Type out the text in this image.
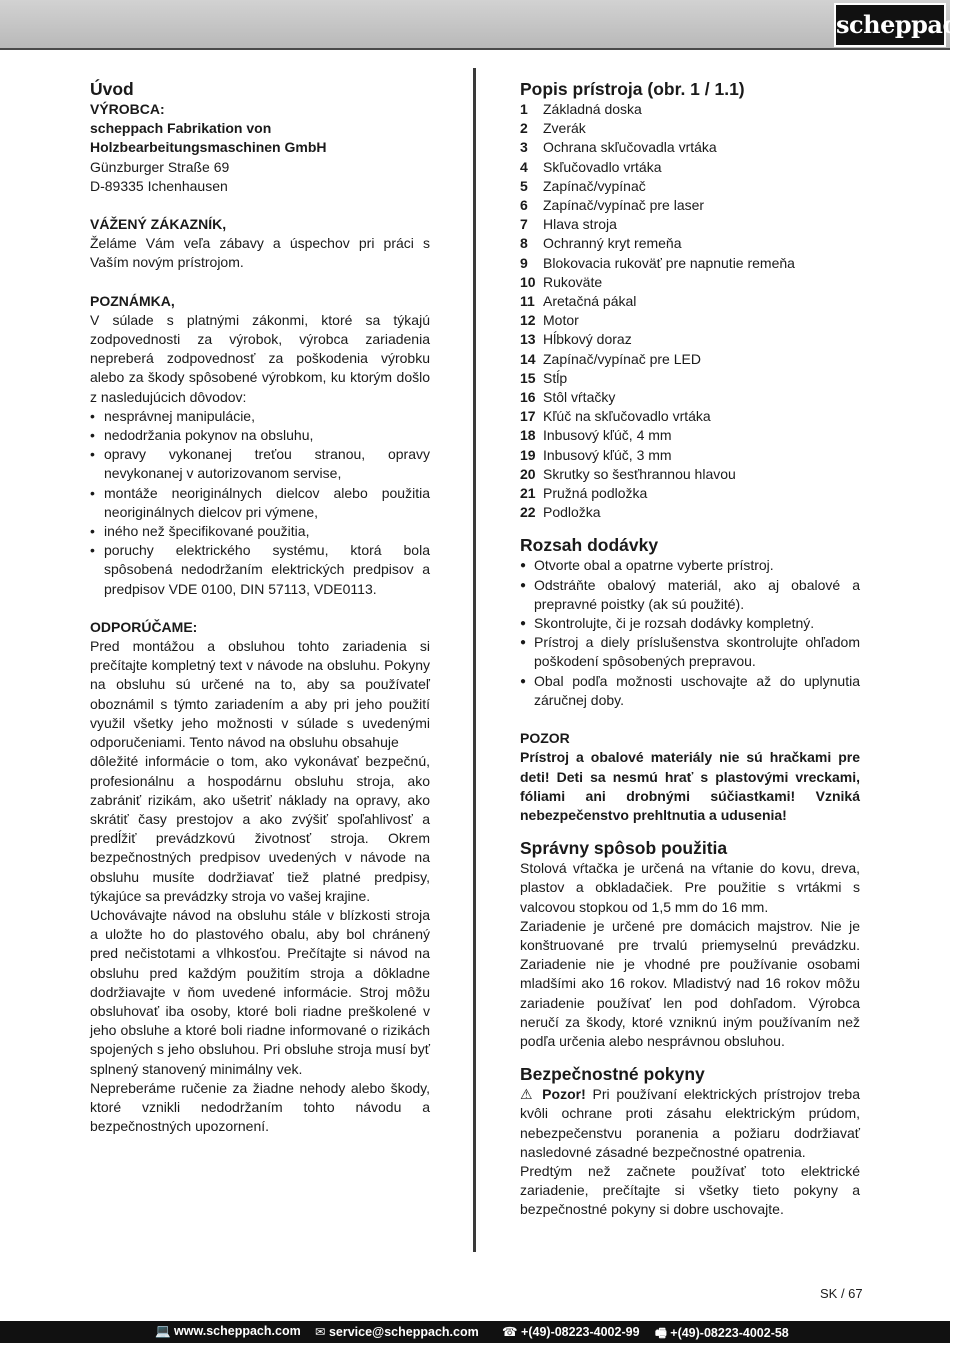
scheppach
Úvod
VÝROBCA:
scheppach Fabrikation von
Holzbearbeitungsmaschinen GmbH
Günzburger Straße 69
D-89335 Ichenhausen
VÁŽENÝ ZÁKAZNÍK,

Želáme Vám veľa zábavy a úspechov pri práci s Vaším novým prístrojom.

POZNÁMKA,

V súlade s platnými zákonmi, ktoré sa týkajú zodpovednosti za výrobok, výrobca zariadenia nepreberá zodpovednosť za poškodenia výrobku alebo za škody spôsobené výrobkom, ku ktorým došlo z nasledujúcich dôvodov:

• nesprávnej manipulácie,
• nedodržania pokynov na obsluhu,
• opravy vykonanej treťou stranou, opravy nevykonanej v autorizovanom servise,
• montáže neoriginálnych dielcov alebo použitia neoriginálnych dielcov pri výmene,
• iného než špecifikované použitia,
• poruchy elektrického systému, ktorá bola spôsobená nedodržaním elektrických predpisov a predpisov VDE 0100, DIN 57113, VDE0113.
ODPORÚČAME:

Pred montážou a obsluhou tohto zariadenia si prečítajte kompletný text v návode na obsluhu. Pokyny na obsluhu sú určené na to, aby sa používateľ oboznámil s týmto zariadením a aby pri jeho použití využil všetky jeho možnosti v súlade s uvedenými odporučeniami. Tento návod na obsluhu obsahuje

dôležité informácie o tom, ako vykonávať bezpečnú, profesionálnu a hospodárnu obsluhu stroja, ako zabrániť rizikám, ako ušetriť náklady na opravy, ako skrátiť časy prestojov a ako zvýšiť spoľahlivosť a predĺžiť prevádzkovú životnosť stroja. Okrem bezpečnostných predpisov uvedených v návode na obsluhu musíte dodržiavať tiež platné predpisy, týkajúce sa prevádzky stroja vo vašej krajine.

Uchovávajte návod na obsluhu stále v blízkosti stroja a uložte ho do plastového obalu, aby bol chránený pred nečistotami a vlhkosťou. Prečítajte si návod na obsluhu pred každým použitím stroja a dôkladne dodržiavajte v ňom uvedené informácie. Stroj môžu obsluhovať iba osoby, ktoré boli riadne preškolené v jeho obsluhe a ktoré boli riadne informované o rizikách spojených s jeho obsluhou. Pri obsluhe stroja musí byť splnený stanovený minimálny vek.

Nepreberáme ručenie za žiadne nehody alebo škody, ktoré vznikli nedodržaním tohto návodu a bezpečnostných upozornení.

Popis prístroja (obr. 1 / 1.1)
1	Základná doska
2	Zverák
3	Ochrana skľučovadla vrtáka
4	Skľučovadlo vrtáka
5	Zapínač/vypínač
6	Zapínač/vypínač pre laser
7	Hlava stroja
8	Ochranný kryt remeňa
9	Blokovacia rukoväť pre napnutie remeňa
10 Rukoväte
11 Aretačná pákal
12 Motor
13 Hĺbkový doraz
14 Zapínač/vypínač pre LED
15 Stĺp
16 Stôl vŕtačky
17 Kľúč na skľučovadlo vrtáka
18 Inbusový kľúč, 4 mm
19 Inbusový kľúč, 3 mm
20 Skrutky so šesťhrannou hlavou
21 Pružná podložka
22 Podložka
Rozsah dodávky
● Otvorte obal a opatrne vyberte prístroj.
● Odstráňte obalový materiál, ako aj obalové a prepravné poistky (ak sú použité).
● Skontrolujte, či je rozsah dodávky kompletný.
● Prístroj a diely príslušenstva skontrolujte ohľadom poškodení spôsobených prepravou.
● Obal podľa možnosti uschovajte až do uplynutia záručnej doby.
POZOR

Prístroj a obalové materiály nie sú hračkami pre deti! Deti sa nesmú hrať s plastovými vreckami, fóliami ani drobnými súčiastkami! Vzniká nebezpečenstvo prehltnutia a udusenia!

Správny spôsob použitia

Stolová vŕtačka je určená na vŕtanie do kovu, dreva, plastov a obkladačiek. Pre použitie s vrtákmi s valcovou stopkou od 1,5 mm do 16 mm.

Zariadenie je určené pre domácich majstrov. Nie je konštruované pre trvalú priemyselnú prevádzku. Zariadenie nie je vhodné pre používanie osobami mladšími ako 16 rokov. Mladistvý nad 16 rokov môžu zariadenie používať len pod dohľadom. Výrobca neručí za škody, ktoré vzniknú iným používaním než podľa určenia alebo nesprávnou obsluhou.

Bezpečnostné pokyny

⚠ Pozor! Pri používaní elektrických prístrojov treba kvôli ochrane proti zásahu elektrickým prúdom, nebezpečenstvu poranenia a požiaru dodržiavať nasledovné zásadné bezpečnostné opatrenia.

Predtým než začnete používať toto elektrické zariadenie, prečítajte si všetky tieto pokyny a bezpečnostné pokyny si dobre uschovajte.

SK / 67
💻 www.scheppach.com ✉ service@scheppach.com ☎ +(49)-08223-4002-99 🖷 +(49)-08223-4002-58
